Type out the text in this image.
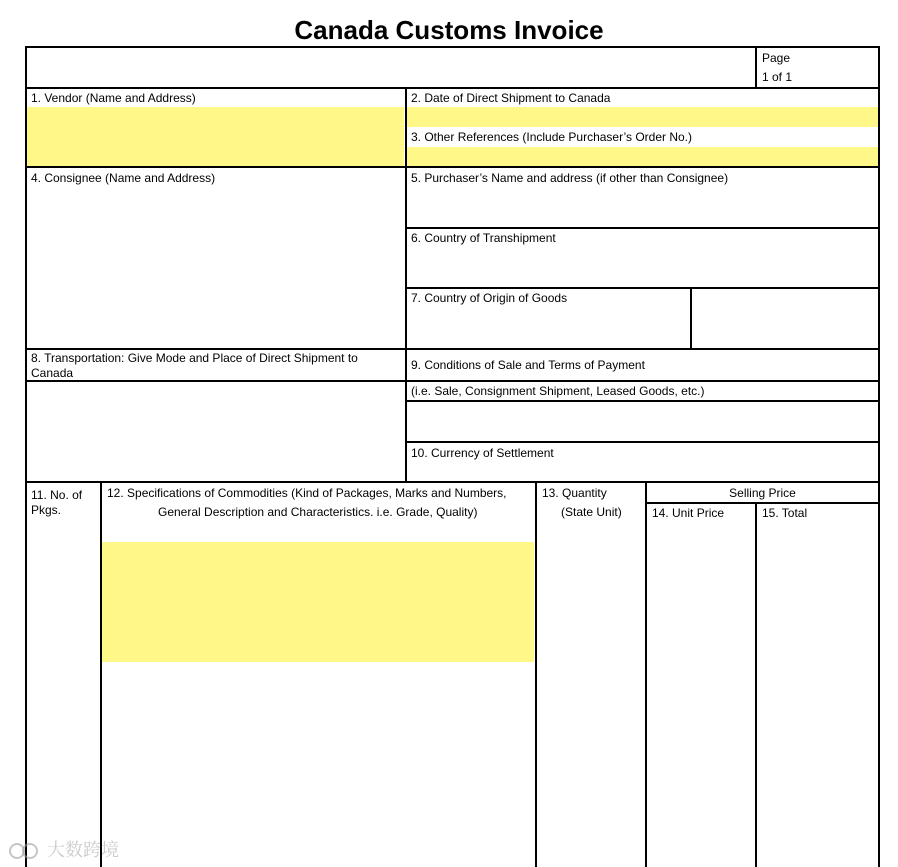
Canada Customs Invoice
Page
1 of 1
1. Vendor (Name and Address)	2. Date of Direct Shipment to Canada
3. Other References (Include Purchaser’s Order No.)
4. Consignee (Name and Address)	5. Purchaser’s Name and address (if other than Consignee)
6. Country of Transhipment
7. Country of Origin of Goods
8. Transportation: Give Mode and Place of Direct Shipment to Canada
9. Conditions of Sale and Terms of Payment
(i.e. Sale, Consignment Shipment, Leased Goods, etc.)
10. Currency of Settlement
11. No. of Pkgs.
12. Specifications of Commodities (Kind of Packages, Marks and Numbers,
General Description and Characteristics. i.e. Grade, Quality)
13. Quantity
(State Unit)
Selling Price
14. Unit Price	15. Total
大数跨境
